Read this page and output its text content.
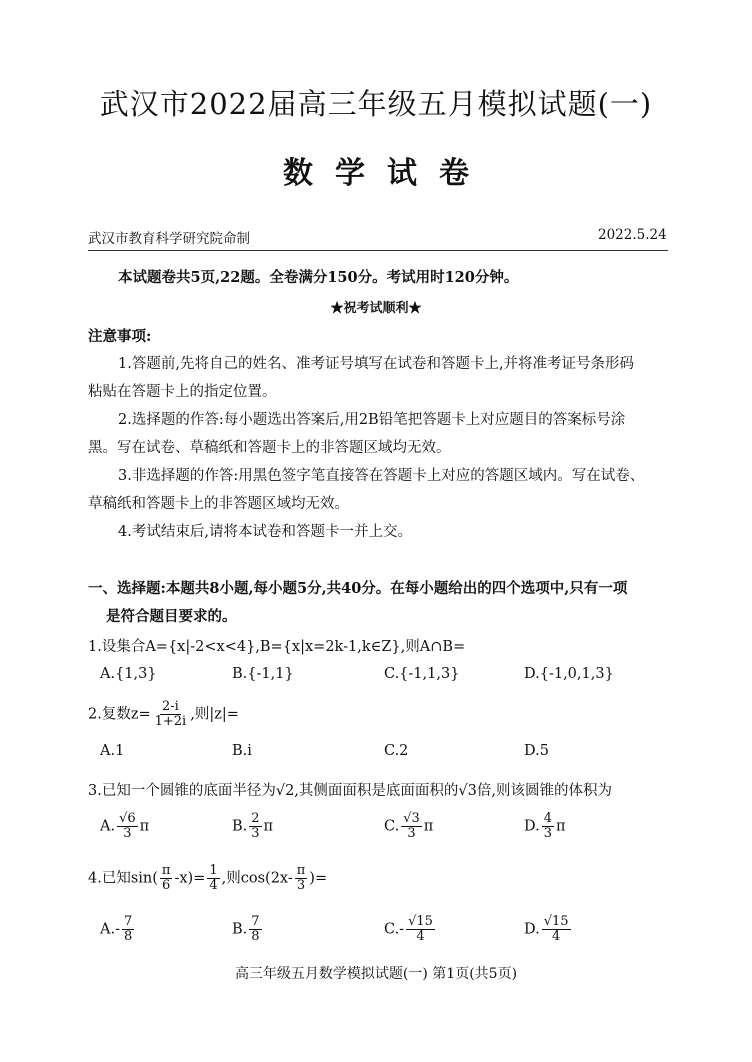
武汉市2022届高三年级五月模拟试题(一)
数学试卷
武汉市教育科学研究院命制	2022.5.24
本试题卷共5页,22题。全卷满分150分。考试用时120分钟。
★祝考试顺利★
注意事项:
1.答题前,先将自己的姓名、准考证号填写在试卷和答题卡上,并将准考证号条形码
粘贴在答题卡上的指定位置。
2.选择题的作答:每小题选出答案后,用2B铅笔把答题卡上对应题目的答案标号涂
黑。写在试卷、草稿纸和答题卡上的非答题区域均无效。
3.非选择题的作答:用黑色签字笔直接答在答题卡上对应的答题区域内。写在试卷、
草稿纸和答题卡上的非答题区域均无效。
4.考试结束后,请将本试卷和答题卡一并上交。
一、选择题:本题共8小题,每小题5分,共40分。在每小题给出的四个选项中,只有一项
是符合题目要求的。
1.设集合A={x|-2<x<4},B={x|x=2k-1,k∈Z},则A∩B=
A.{1,3}	B.{-1,1}	C.{-1,1,3}	D.{-1,0,1,3}
2.复数$z= \frac{2-i}{1+2i}$ ,则|z|=
A.1	B.i	C.2	D.5
3.已知一个圆锥的底面半径为√2,其侧面面积是底面面积的√3倍,则该圆锥的体积为
A. $\frac{√6}{3}$ π	B. $\frac{2}{3}$ π	C. $\frac{√3}{3}$ π	D. $\frac{4}{3}$ π
4.已知$\sin( \frac{\pi}{6} -x)= \frac{1}{4}$ ,则$\cos(2x- \frac{\pi}{3}$ )=
$A.- \frac{7}{8}$	B. $\frac{7}{8}$	$C.- \frac{√15}{4}$	D. $\frac{√15}{4}$
高三年级五月数学模拟试题(一) 第1页(共5页)
